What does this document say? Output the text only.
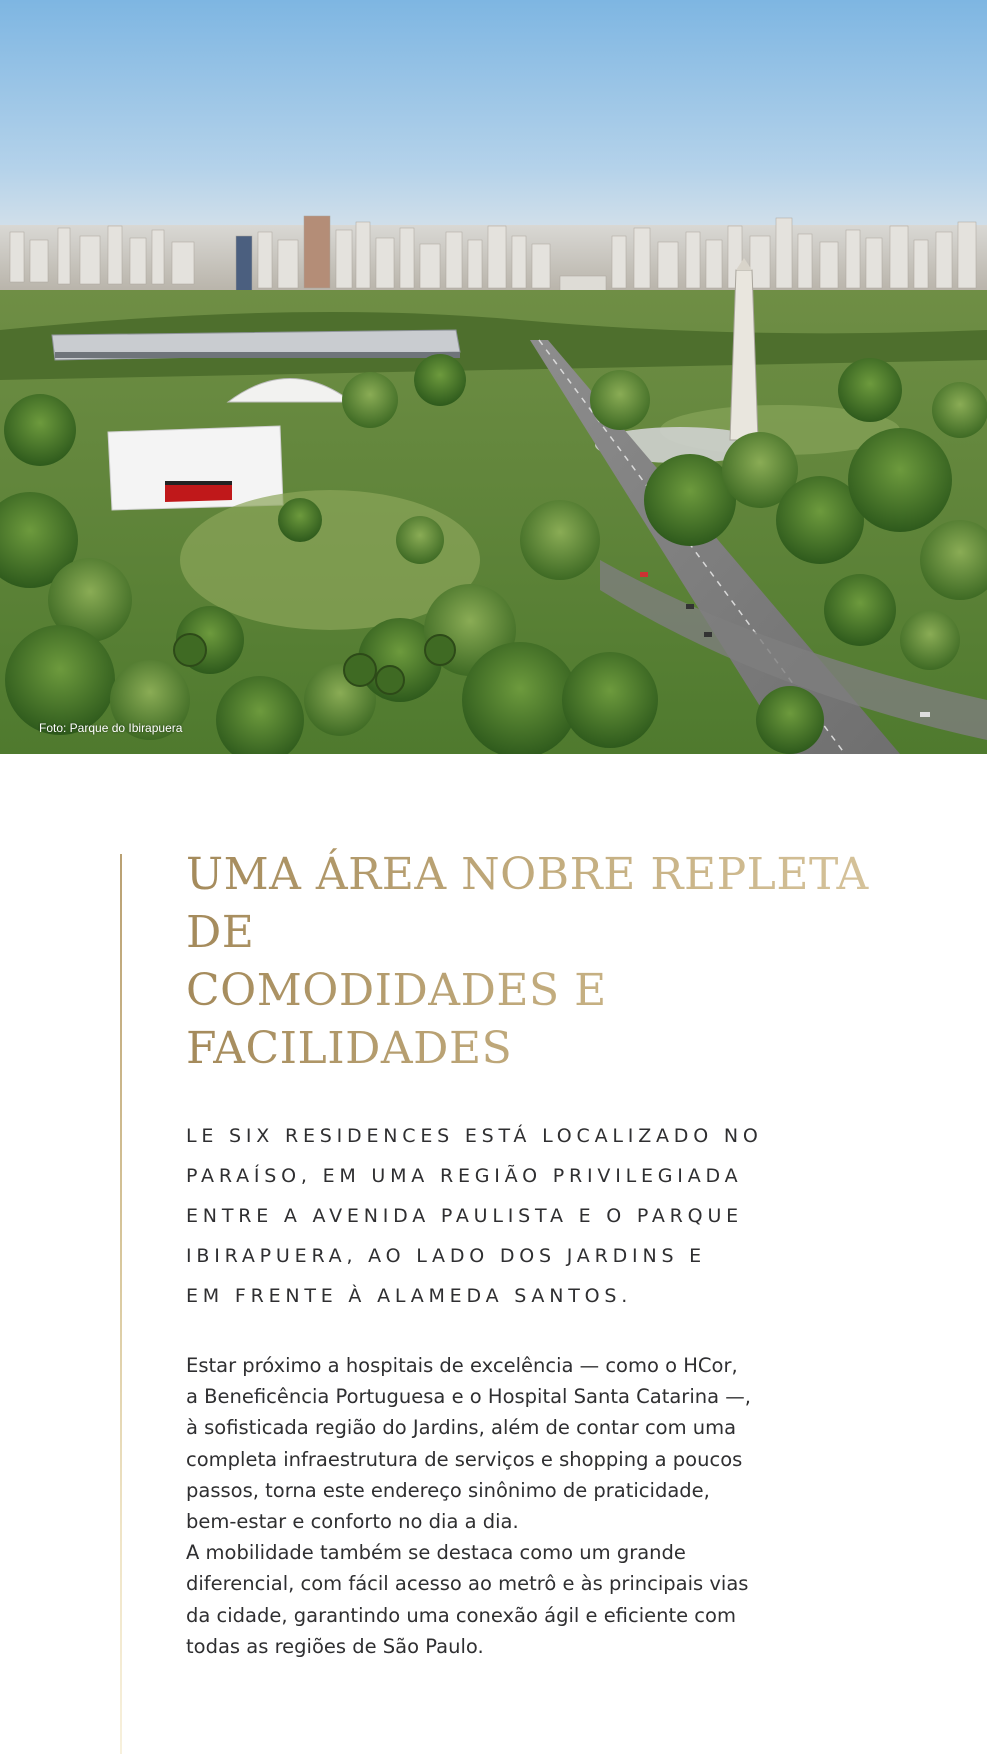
Foto: Parque do Ibirapuera
UMA ÁREA NOBRE REPLETA DE
COMODIDADES E FACILIDADES

LE SIX RESIDENCES ESTÁ LOCALIZADO NO
PARAÍSO, EM UMA REGIÃO PRIVILEGIADA
ENTRE A AVENIDA PAULISTA E O PARQUE
IBIRAPUERA, AO LADO DOS JARDINS E
EM FRENTE À ALAMEDA SANTOS.

Estar próximo a hospitais de excelência — como o HCor,
a Beneficência Portuguesa e o Hospital Santa Catarina —,
à sofisticada região do Jardins, além de contar com uma
completa infraestrutura de serviços e shopping a poucos
passos, torna este endereço sinônimo de praticidade,
bem-estar e conforto no dia a dia.
A mobilidade também se destaca como um grande
diferencial, com fácil acesso ao metrô e às principais vias
da cidade, garantindo uma conexão ágil e eficiente com
todas as regiões de São Paulo.
